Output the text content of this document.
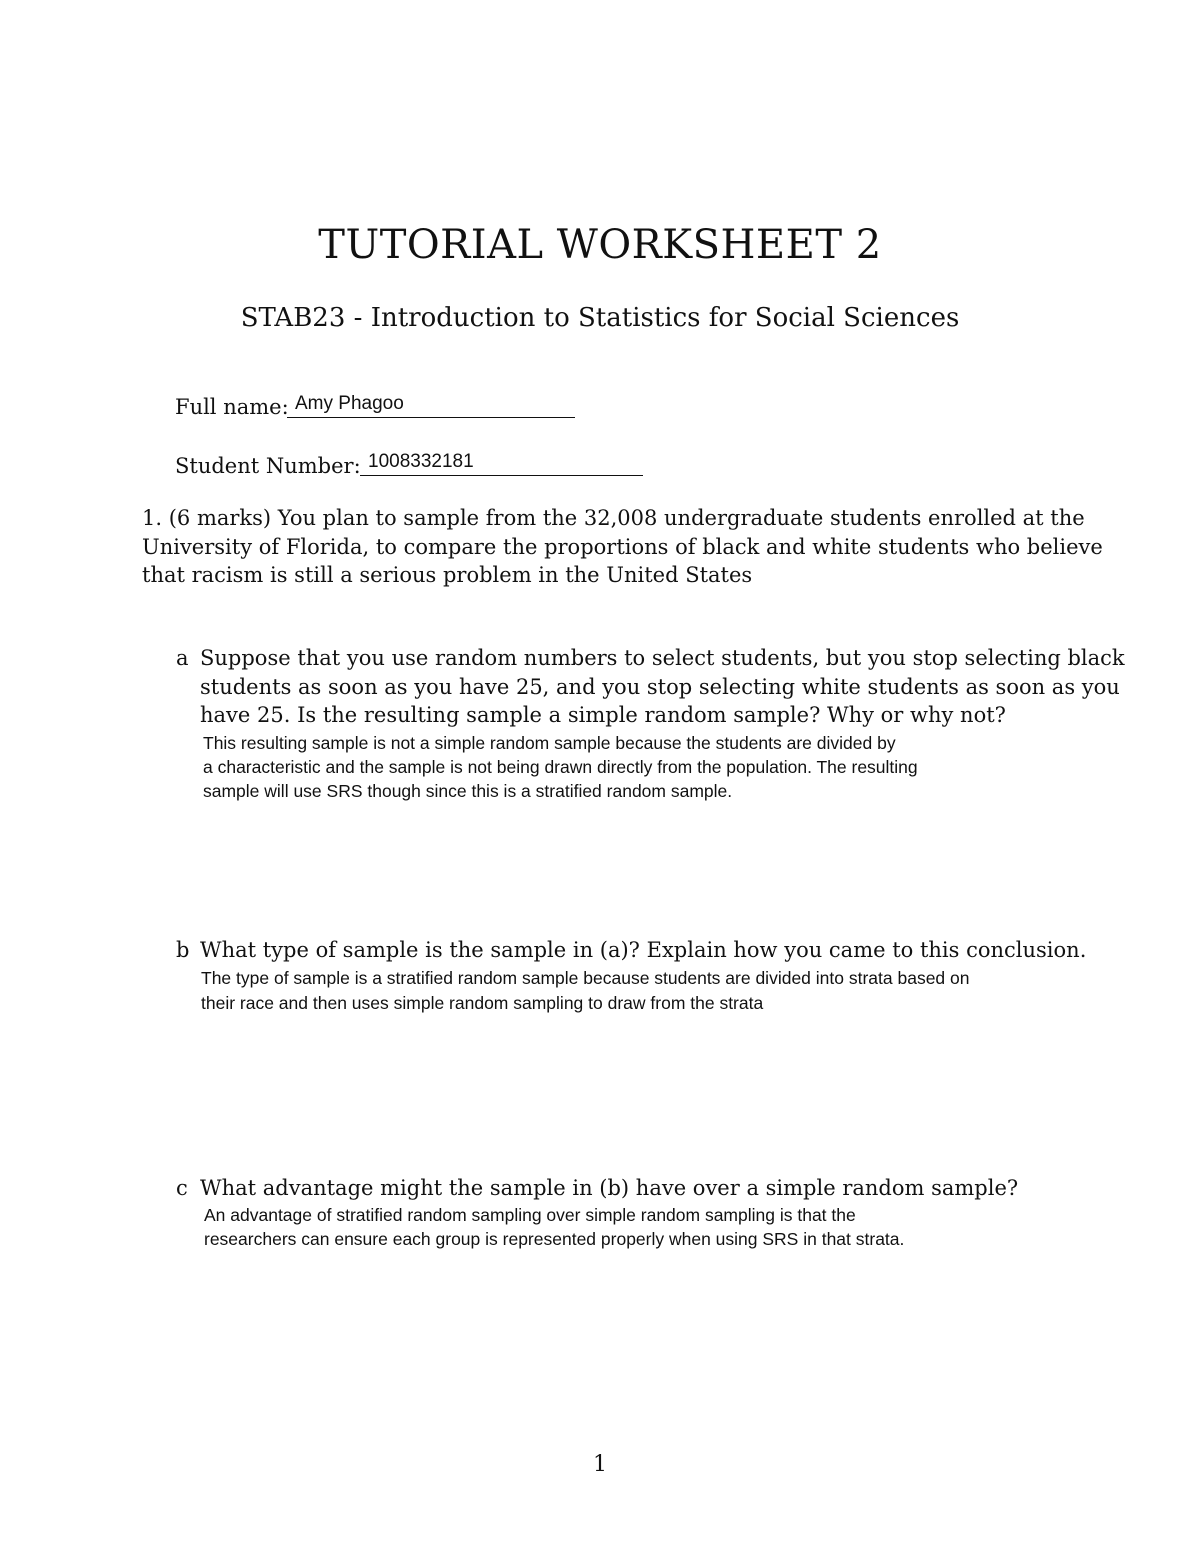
TUTORIAL WORKSHEET 2
STAB23 - Introduction to Statistics for Social Sciences
Full name: Amy Phagoo
Student Number: 1008332181
1. (6 marks) You plan to sample from the 32,008 undergraduate students enrolled at the
University of Florida, to compare the proportions of black and white students who believe
that racism is still a serious problem in the United States
a Suppose that you use random numbers to select students, but you stop selecting black
students as soon as you have 25, and you stop selecting white students as soon as you
have 25. Is the resulting sample a simple random sample? Why or why not?
This resulting sample is not a simple random sample because the students are divided by
a characteristic and the sample is not being drawn directly from the population. The resulting
sample will use SRS though since this is a stratified random sample.
b What type of sample is the sample in (a)? Explain how you came to this conclusion.
The type of sample is a stratified random sample because students are divided into strata based on
their race and then uses simple random sampling to draw from the strata
c What advantage might the sample in (b) have over a simple random sample?
An advantage of stratified random sampling over simple random sampling is that the
researchers can ensure each group is represented properly when using SRS in that strata.
1
